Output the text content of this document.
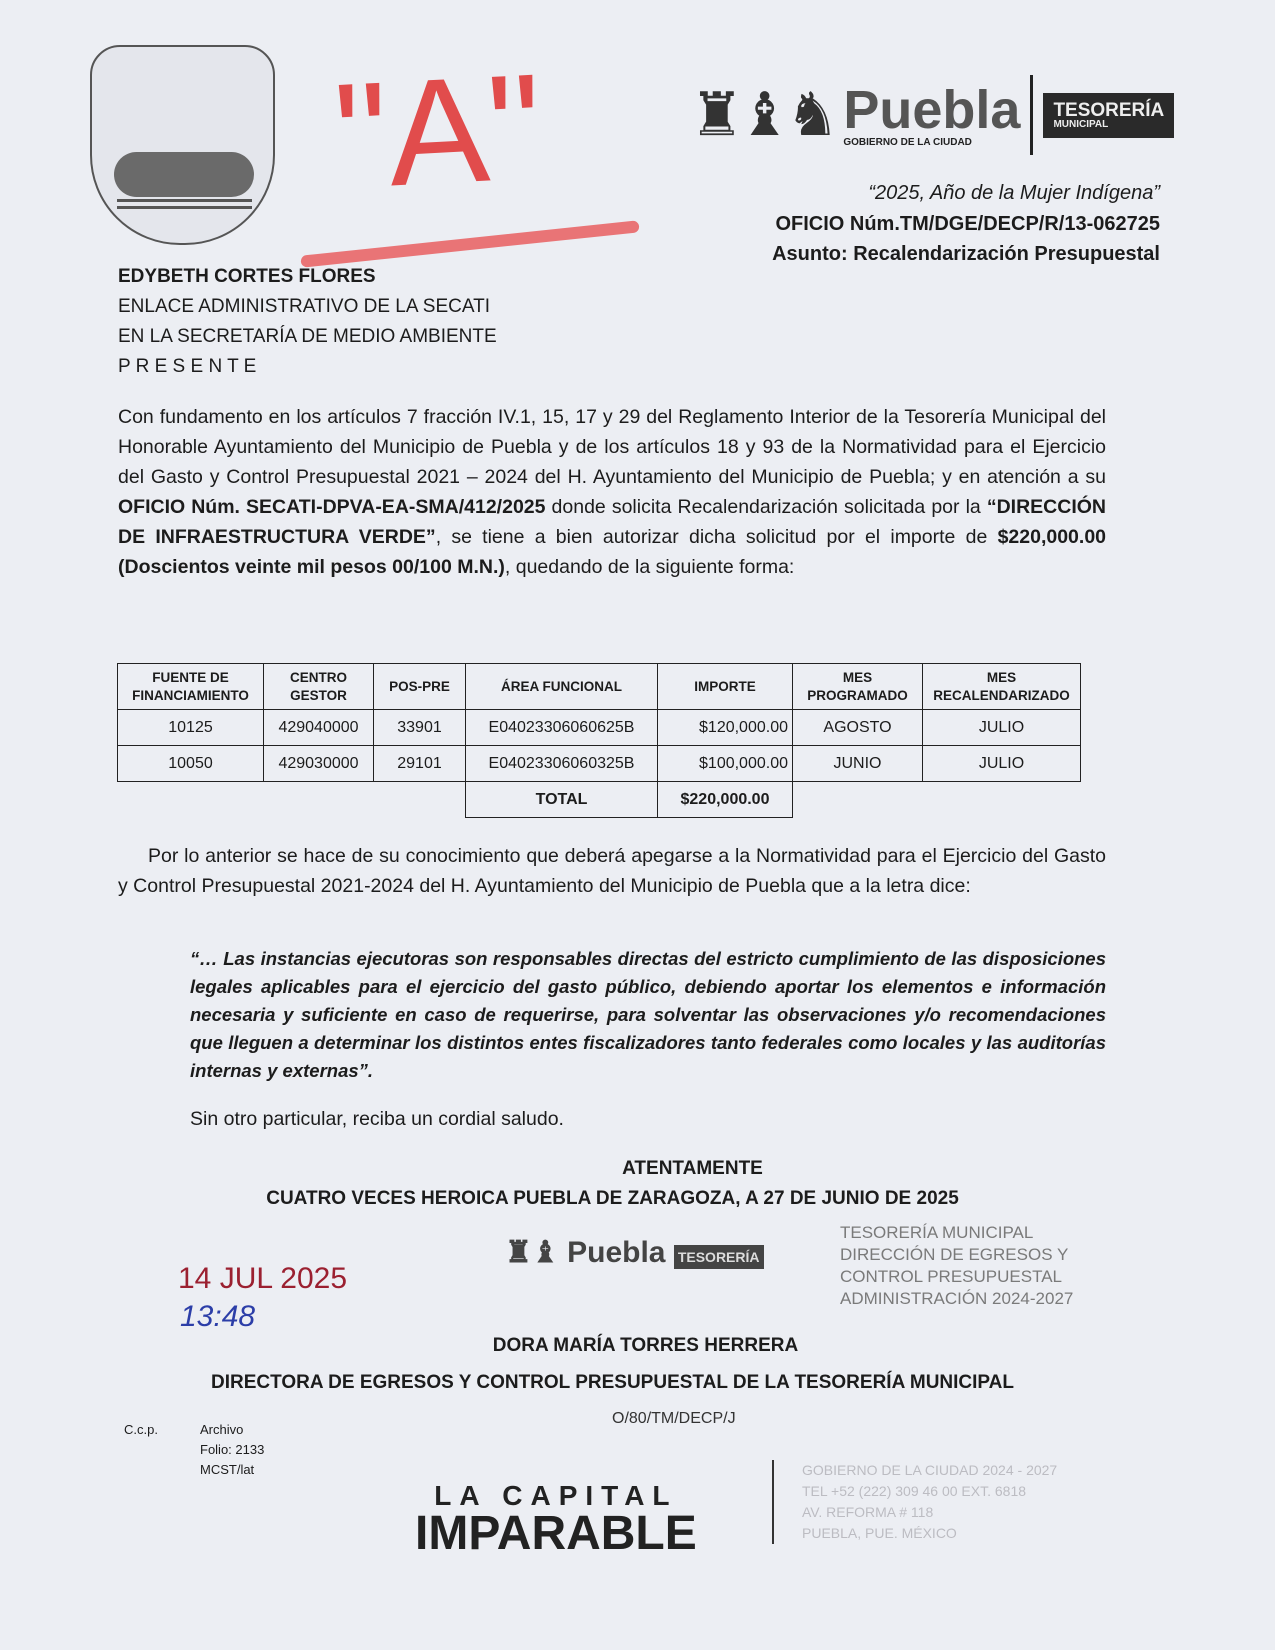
"A" ♜♝♞ Puebla
GOBIERNO DE LA CIUDAD
TESORERÍA
MUNICIPAL
“2025, Año de la Mujer Indígena”
OFICIO Núm.TM/DGE/DECP/R/13-062725
Asunto: Recalendarización Presupuestal
EDYBETH CORTES FLORES
ENLACE ADMINISTRATIVO DE LA SECATI
EN LA SECRETARÍA DE MEDIO AMBIENTE
P R E S E N T E
Con fundamento en los artículos 7 fracción IV.1, 15, 17 y 29 del Reglamento Interior de la Tesorería Municipal del Honorable Ayuntamiento del Municipio de Puebla y de los artículos 18 y 93 de la Normatividad para el Ejercicio del Gasto y Control Presupuestal 2021 – 2024 del H. Ayuntamiento del Municipio de Puebla; y en atención a su OFICIO Núm. SECATI-DPVA-EA-SMA/412/2025 donde solicita Recalendarización solicitada por la “DIRECCIÓN DE INFRAESTRUCTURA VERDE”, se tiene a bien autorizar dicha solicitud por el importe de $220,000.00 (Doscientos veinte mil pesos 00/100 M.N.), quedando de la siguiente forma:
FUENTE DE FINANCIAMIENTO	CENTRO GESTOR	POS-PRE	ÁREA FUNCIONAL	IMPORTE	MES PROGRAMADO	MES RECALENDARIZADO
10125	429040000	33901	E04023306060625B	$120,000.00	AGOSTO	JULIO
10050	429030000	29101	E04023306060325B	$100,000.00	JUNIO	JULIO
			TOTAL	$220,000.00		
Por lo anterior se hace de su conocimiento que deberá apegarse a la Normatividad para el Ejercicio del Gasto y Control Presupuestal 2021-2024 del H. Ayuntamiento del Municipio de Puebla que a la letra dice:
“… Las instancias ejecutoras son responsables directas del estricto cumplimiento de las disposiciones legales aplicables para el ejercicio del gasto público, debiendo aportar los elementos e información necesaria y suficiente en caso de requerirse, para solventar las observaciones y/o recomendaciones que lleguen a determinar los distintos entes fiscalizadores tanto federales como locales y las auditorías internas y externas”.
Sin otro particular, reciba un cordial saludo.
ATENTAMENTE
CUATRO VECES HEROICA PUEBLA DE ZARAGOZA, A 27 DE JUNIO DE 2025
♜♝ Puebla TESORERÍA
TESORERÍA MUNICIPAL
DIRECCIÓN DE EGRESOS Y
CONTROL PRESUPUESTAL
ADMINISTRACIÓN 2024-2027
DORA MARÍA TORRES HERRERA
DIRECTORA DE EGRESOS Y CONTROL PRESUPUESTAL DE LA TESORERÍA MUNICIPAL
O/80/TM/DECP/J
14 JUL 2025
13:48
C.c.p.	Archivo
Folio: 2133
MCST/lat
LA CAPITAL
IMPARABLE
GOBIERNO DE LA CIUDAD 2024 - 2027
TEL +52 (222) 309 46 00 EXT. 6818
AV. REFORMA # 118
PUEBLA, PUE. MÉXICO
